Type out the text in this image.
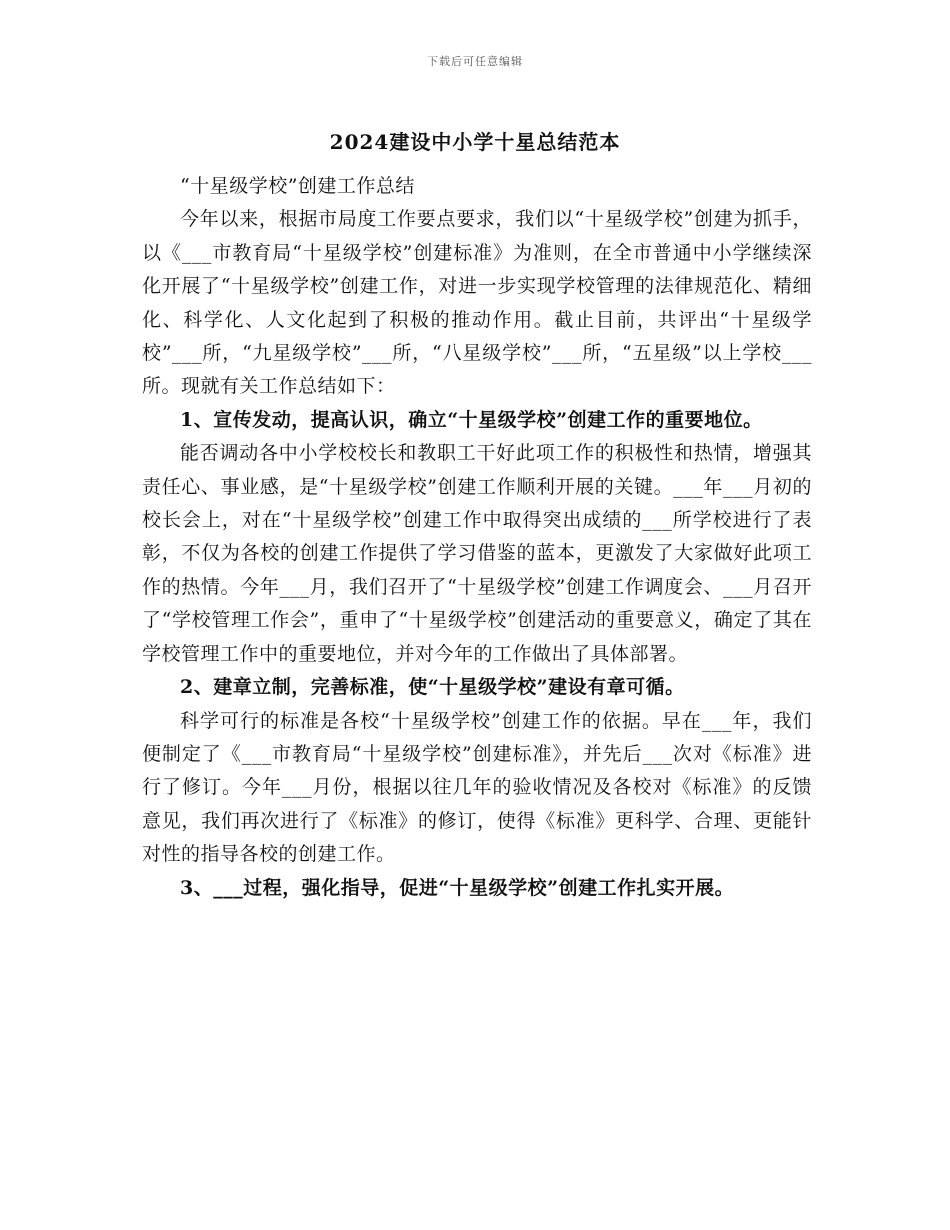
下载后可任意编辑
2024建设中小学十星总结范本

“十星级学校”创建工作总结

今年以来，根据市局度工作要点要求，我们以“十星级学校”创建为抓手，以《___市教育局“十星级学校”创建标准》为准则，在全市普通中小学继续深化开展了“十星级学校”创建工作，对进一步实现学校管理的法律规范化、精细化、科学化、人文化起到了积极的推动作用。截止目前，共评出“十星级学校”___所，“九星级学校”___所，“八星级学校”___所，“五星级”以上学校___所。现就有关工作总结如下：

1、宣传发动，提高认识，确立“十星级学校”创建工作的重要地位。

能否调动各中小学校校长和教职工干好此项工作的积极性和热情，增强其责任心、事业感，是“十星级学校”创建工作顺利开展的关键。___年___月初的校长会上，对在“十星级学校”创建工作中取得突出成绩的___所学校进行了表彰，不仅为各校的创建工作提供了学习借鉴的蓝本，更激发了大家做好此项工作的热情。今年___月，我们召开了“十星级学校”创建工作调度会、___月召开了“学校管理工作会”，重申了“十星级学校”创建活动的重要意义，确定了其在学校管理工作中的重要地位，并对今年的工作做出了具体部署。

2、建章立制，完善标准，使“十星级学校”建设有章可循。

科学可行的标准是各校“十星级学校”创建工作的依据。早在___年，我们便制定了《___市教育局“十星级学校”创建标准》，并先后___次对《标准》进行了修订。今年___月份，根据以往几年的验收情况及各校对《标准》的反馈意见，我们再次进行了《标准》的修订，使得《标准》更科学、合理、更能针对性的指导各校的创建工作。

3、___过程，强化指导，促进“十星级学校”创建工作扎实开展。
